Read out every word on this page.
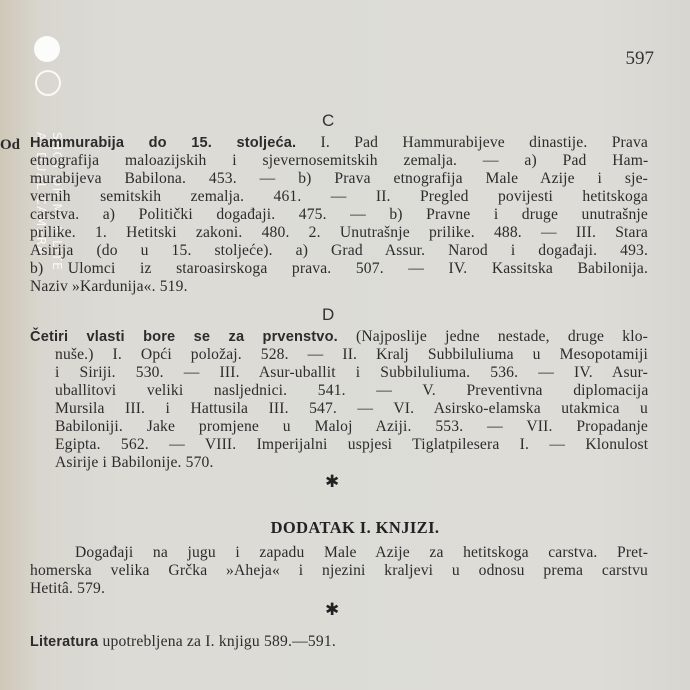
SHOT ON MI 8 LITE
AI DUAL CAMERA
597
C
Od Hammurabija do 15. stoljeća. I. Pad Hammurabijeve dinastije. Prava
etnografija maloazijskih i sjevernosemitskih zemalja. — a) Pad Ham-
murabijeva Babilona. 453. — b) Prava etnografija Male Azije i sje-
vernih semitskih zemalja. 461. — II. Pregled povijesti hetitskoga
carstva. a) Politički događaji. 475. — b) Pravne i druge unutrašnje
prilike. 1. Hetitski zakoni. 480. 2. Unutrašnje prilike. 488. — III. Stara
Asirija (do u 15. stoljeće). a) Grad Assur. Narod i događaji. 493.
b) Ulomci iz staroasirskoga prava. 507. — IV. Kassitska Babilonija.
Naziv »Kardunija«. 519.
D
Četiri vlasti bore se za prvenstvo. (Najposlije jedne nestade, druge klo-
nuše.) I. Opći položaj. 528. — II. Kralj Subbiluliuma u Mesopotamiji
i Siriji. 530. — III. Asur-uballit i Subbiluliuma. 536. — IV. Asur-
uballitovi veliki nasljednici. 541. — V. Preventivna diplomacija
Mursila III. i Hattusila III. 547. — VI. Asirsko-elamska utakmica u
Babiloniji. Jake promjene u Maloj Aziji. 553. — VII. Propadanje
Egipta. 562. — VIII. Imperijalni uspjesi Tiglatpilesera I. — Klonulost
Asirije i Babilonije. 570.
✱
DODATAK I. KNJIZI.
Događaji na jugu i zapadu Male Azije za hetitskoga carstva. Pret-
homerska velika Grčka »Aheja« i njezini kraljevi u odnosu prema carstvu
Hetitâ. 579.
✱
Literatura upotrebljena za I. knjigu 589.—591.
